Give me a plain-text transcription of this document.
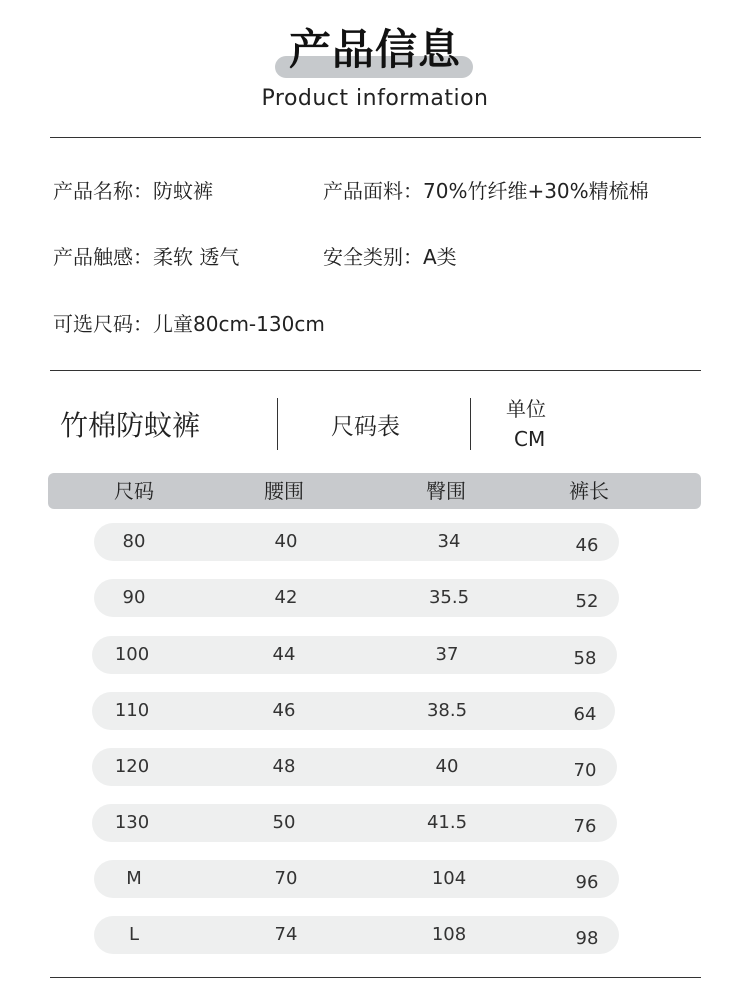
产品信息
Product information
产品名称：防蚊裤	产品面料：70%竹纤维+30%精梳棉
产品触感：柔软 透气	安全类别：A类
可选尺码：儿童80cm-130cm
竹棉防蚊裤	尺码表
单位
CM
尺码	腰围	臀围	裤长
80	40	34	46
90	42	35.5	52
100	44	37	58
110	46	38.5	64
120	48	40	70
130	50	41.5	76
M	70	104	96
L	74	108	98
